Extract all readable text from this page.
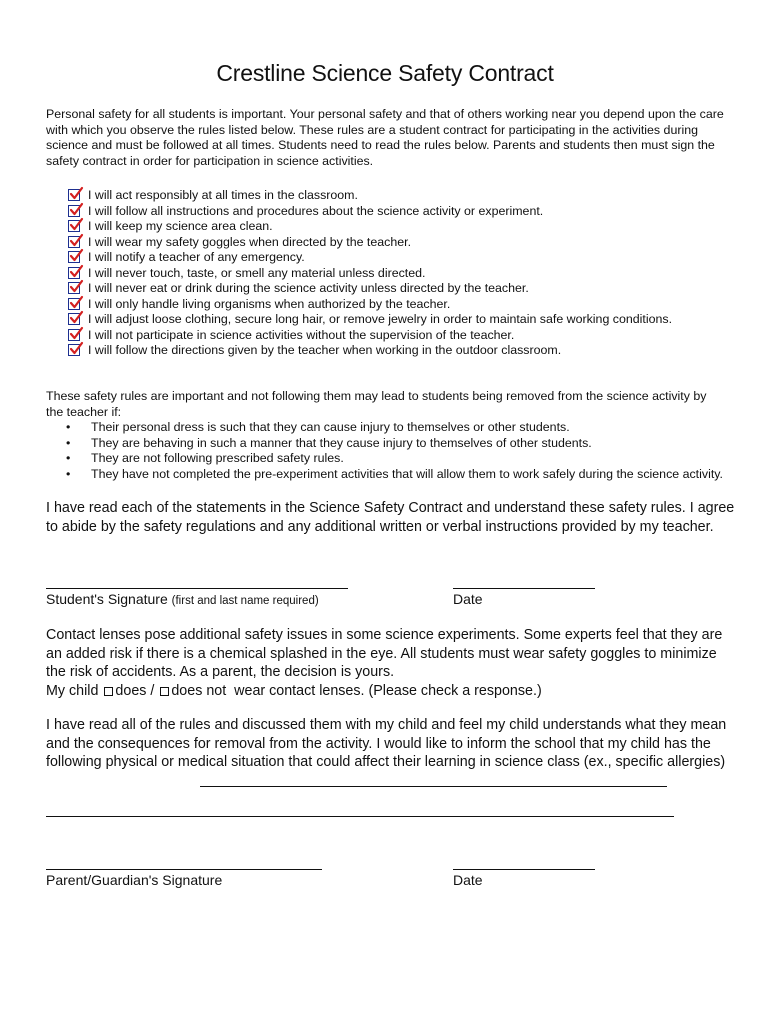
Crestline Science Safety Contract
Personal safety for all students is important. Your personal safety and that of others working near you depend upon the care with which you observe the rules listed below. These rules are a student contract for participating in the activities during science and must be followed at all times. Students need to read the rules below. Parents and students then must sign the safety contract in order for participation in science activities.
I will act responsibly at all times in the classroom.
I will follow all instructions and procedures about the science activity or experiment.
I will keep my science area clean.
I will wear my safety goggles when directed by the teacher.
I will notify a teacher of any emergency.
I will never touch, taste, or smell any material unless directed.
I will never eat or drink during the science activity unless directed by the teacher.
I will only handle living organisms when authorized by the teacher.
I will adjust loose clothing, secure long hair, or remove jewelry in order to maintain safe working conditions.
I will not participate in science activities without the supervision of the teacher.
I will follow the directions given by the teacher when working in the outdoor classroom.
These safety rules are important and not following them may lead to students being removed from the science activity by the teacher if:
•	Their personal dress is such that they can cause injury to themselves or other students.
•	They are behaving in such a manner that they cause injury to themselves of other students.
•	They are not following prescribed safety rules.
•	They have not completed the pre-experiment activities that will allow them to work safely during the science activity.
I have read each of the statements in the Science Safety Contract and understand these safety rules. I agree to abide by the safety regulations and any additional written or verbal instructions provided by my teacher.
Student's Signature (first and last name required)	Date
Contact lenses pose additional safety issues in some science experiments. Some experts feel that they are an added risk if there is a chemical splashed in the eye. All students must wear safety goggles to minimize the risk of accidents. As a parent, the decision is yours.
My child does / does not wear contact lenses. (Please check a response.)
I have read all of the rules and discussed them with my child and feel my child understands what they mean and the consequences for removal from the activity. I would like to inform the school that my child has the following physical or medical situation that could affect their learning in science class (ex., specific allergies)
Parent/Guardian's Signature	Date
